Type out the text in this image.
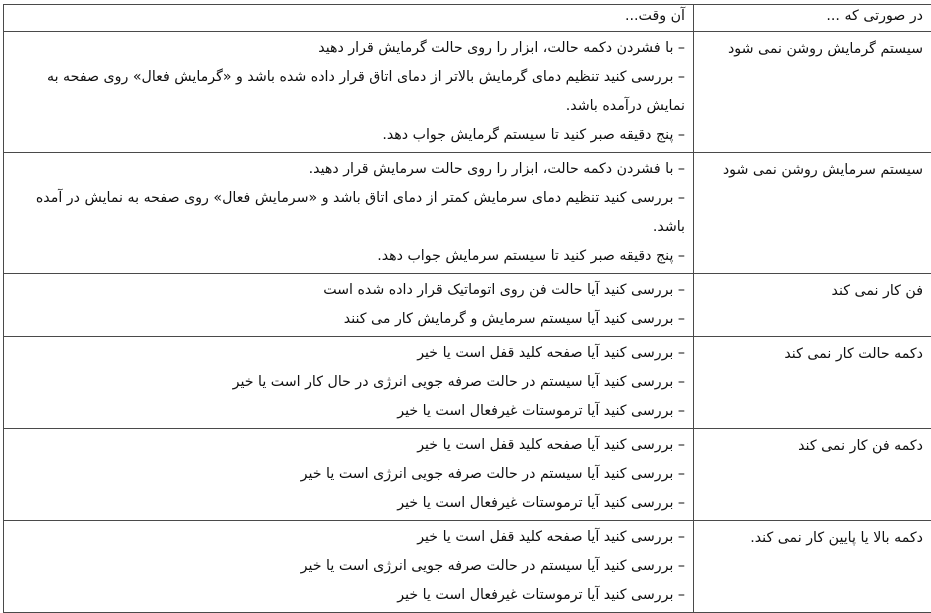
در صورتی که ...	آن وقت...
سیستم گرمایش روشن نمی شود	– با فشردن دکمه حالت، ابزار را روی حالت گرمایش قرار دهید
– بررسی کنید تنظیم دمای گرمایش بالاتر از دمای اتاق قرار داده شده باشد و «گرمایش فعال» روی صفحه به نمایش درآمده باشد.
– پنج دقیقه صبر کنید تا سیستم گرمایش جواب دهد.

سیستم سرمایش روشن نمی شود	– با فشردن دکمه حالت، ابزار را روی حالت سرمایش قرار دهید.
– بررسی کنید تنظیم دمای سرمایش کمتر از دمای اتاق باشد و «سرمایش فعال» روی صفحه به نمایش در آمده باشد.
– پنج دقیقه صبر کنید تا سیستم سرمایش جواب دهد.

فن کار نمی کند	– بررسی کنید آیا حالت فن روی اتوماتیک قرار داده شده است
– بررسی کنید آیا سیستم سرمایش و گرمایش کار می کنند

دکمه حالت کار نمی کند	– بررسی کنید آیا صفحه کلید قفل است یا خیر
– بررسی کنید آیا سیستم در حالت صرفه جویی انرژی در حال کار است یا خیر
– بررسی کنید آیا ترموستات غیرفعال است یا خیر

دکمه فن کار نمی کند	– بررسی کنید آیا صفحه کلید قفل است یا خیر
– بررسی کنید آیا سیستم در حالت صرفه جویی انرژی است یا خیر
– بررسی کنید آیا ترموستات غیرفعال است یا خیر

دکمه بالا یا پایین کار نمی کند.	– بررسی کنید آیا صفحه کلید قفل است یا خیر
– بررسی کنید آیا سیستم در حالت صرفه جویی انرژی است یا خیر
– بررسی کنید آیا ترموستات غیرفعال است یا خیر
